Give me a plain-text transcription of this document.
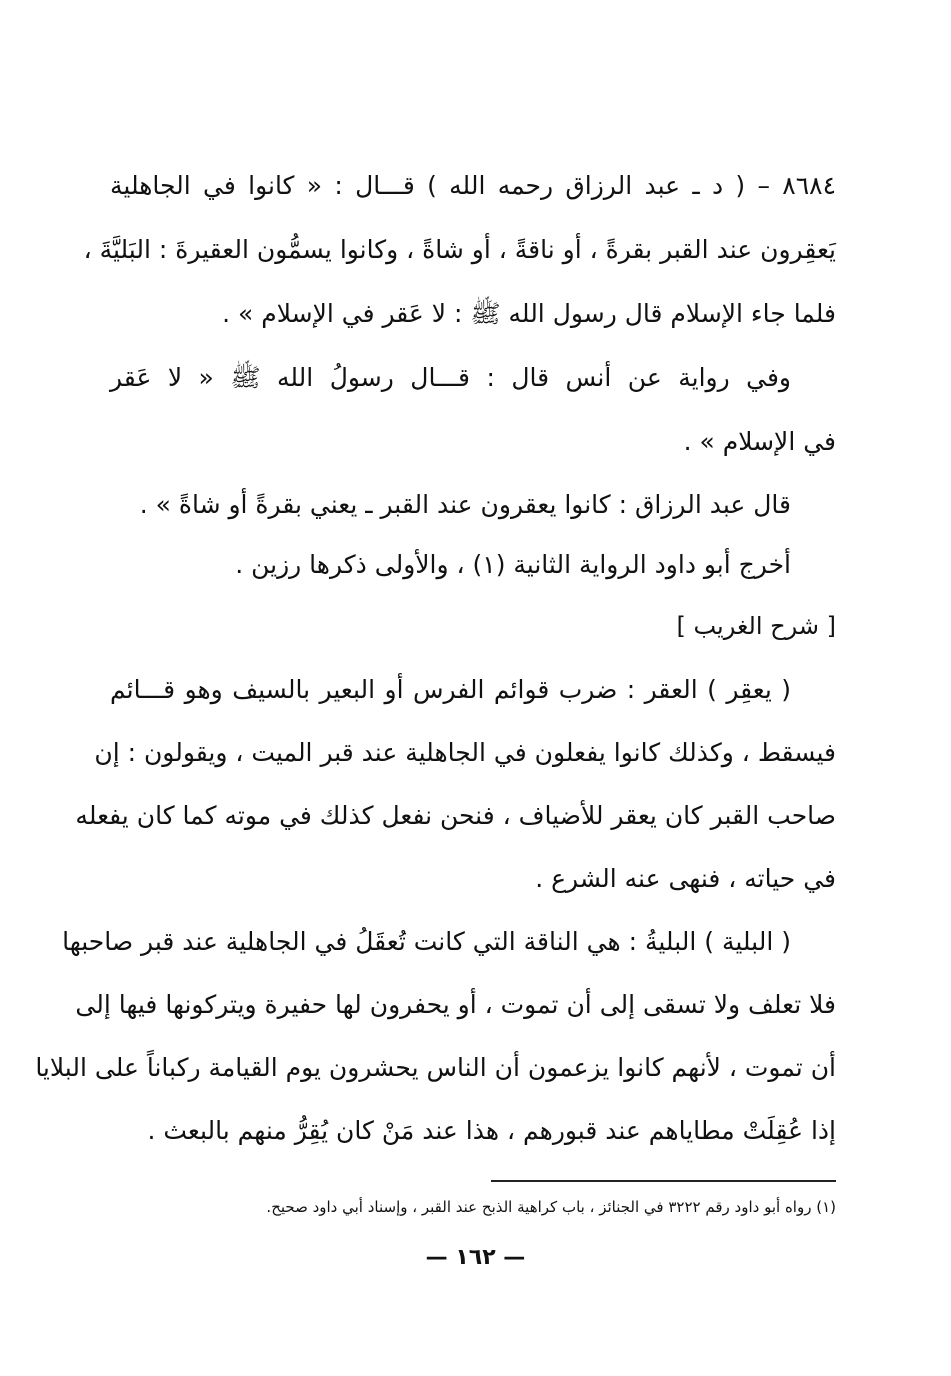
٨٦٨٤ – ( د ـ عبد الرزاق رحمه الله ) قـــال : « كانوا في الجاهلية
يَعقِرون عند القبر بقرةً ، أو ناقةً ، أو شاةً ، وكانوا يسمُّون العقيرةَ : البَليَّةَ ،
فلما جاء الإسلام قال رسول الله ﷺ : لا عَقر في الإسلام » .
وفي رواية عن أنس قال : قـــال رسولُ الله ﷺ « لا عَقر
في الإسلام » .
قال عبد الرزاق : كانوا يعقرون عند القبر ـ يعني بقرةً أو شاةً » .
أخرج أبو داود الرواية الثانية (١) ، والأولى ذكرها رزين .
[ شرح الغريب ]
( يعقِر ) العقر : ضرب قوائم الفرس أو البعير بالسيف وهو قـــائم
فيسقط ، وكذلك كانوا يفعلون في الجاهلية عند قبر الميت ، ويقولون : إن
صاحب القبر كان يعقر للأضياف ، فنحن نفعل كذلك في موته كما كان يفعله
في حياته ، فنهى عنه الشرع .
( البلية ) البليةُ : هي الناقة التي كانت تُعقَلُ في الجاهلية عند قبر صاحبها
فلا تعلف ولا تسقى إلى أن تموت ، أو يحفرون لها حفيرة ويتركونها فيها إلى
أن تموت ، لأنهم كانوا يزعمون أن الناس يحشرون يوم القيامة ركباناً على البلايا
إذا عُقِلَتْ مطاياهم عند قبورهم ، هذا عند مَنْ كان يُقِرُّ منهم بالبعث .
(١) رواه أبو داود رقم ٣٢٢٢ في الجنائز ، باب كراهية الذبح عند القبر ، وإسناد أبي داود صحيح.
— ١٦٢ —
